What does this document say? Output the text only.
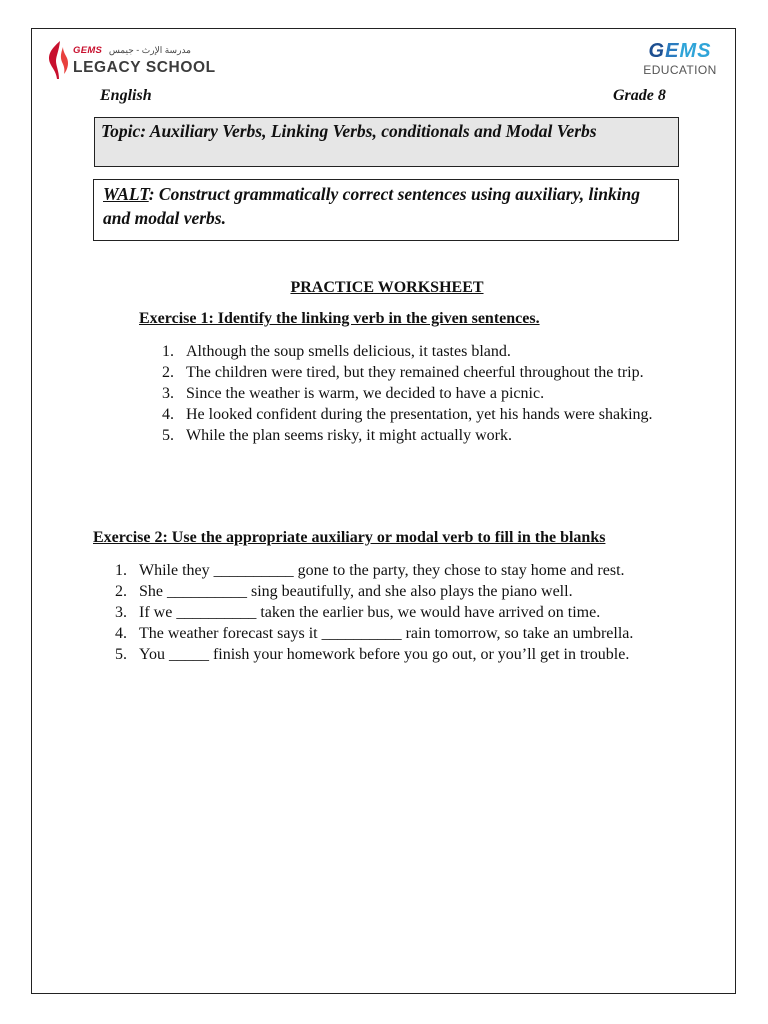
GEMS مدرسة الإرث - جيمس
LEGACY SCHOOL
GEMS
EDUCATION
English	Grade 8
Topic: Auxiliary Verbs, Linking Verbs, conditionals and Modal Verbs
WALT: Construct grammatically correct sentences using auxiliary, linking and modal verbs.
PRACTICE WORKSHEET
Exercise 1: Identify the linking verb in the given sentences.
1. Although the soup smells delicious, it tastes bland.
2. The children were tired, but they remained cheerful throughout the trip.
3. Since the weather is warm, we decided to have a picnic.
4. He looked confident during the presentation, yet his hands were shaking.
5. While the plan seems risky, it might actually work.
Exercise 2: Use the appropriate auxiliary or modal verb to fill in the blanks
1. While they __________ gone to the party, they chose to stay home and rest.
2. She __________ sing beautifully, and she also plays the piano well.
3. If we __________ taken the earlier bus, we would have arrived on time.
4. The weather forecast says it __________ rain tomorrow, so take an umbrella.
5. You _____ finish your homework before you go out, or you’ll get in trouble.
